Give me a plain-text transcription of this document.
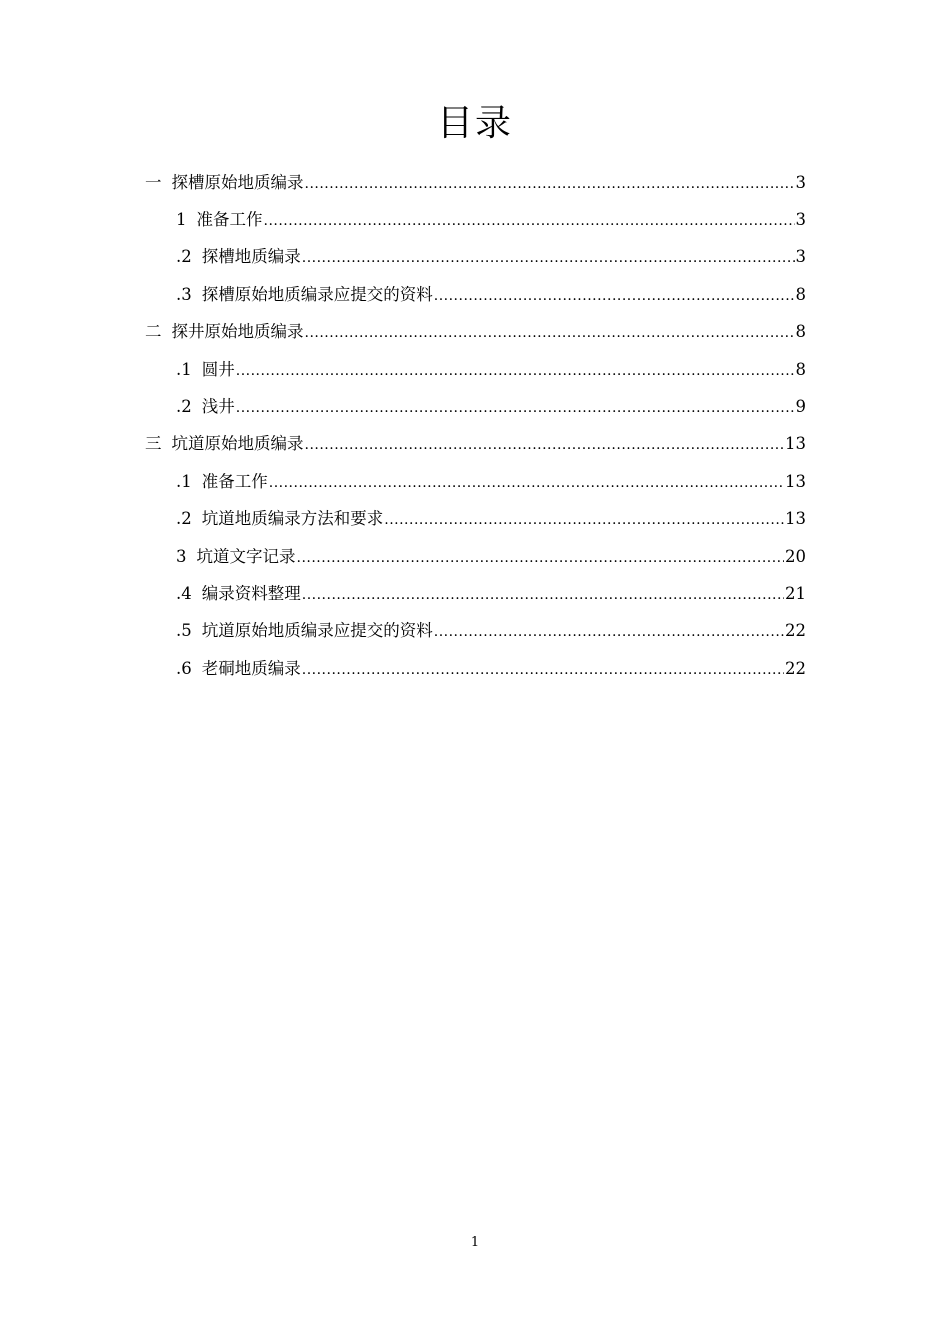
目录
一 探槽原始地质编录 .....	3
1 准备工作 .....	3
.2 探槽地质编录 .....	3
.3 探槽原始地质编录应提交的资料 .....	8
二 探井原始地质编录 .....	8
.1 圆井 .....	8
.2 浅井 .....	9
三 坑道原始地质编录 .....	13
.1 准备工作 .....	13
.2 坑道地质编录方法和要求 .....	13
3 坑道文字记录 .....	20
.4 编录资料整理 .....	21
.5 坑道原始地质编录应提交的资料 .....	22
.6 老硐地质编录 .....	22
1
